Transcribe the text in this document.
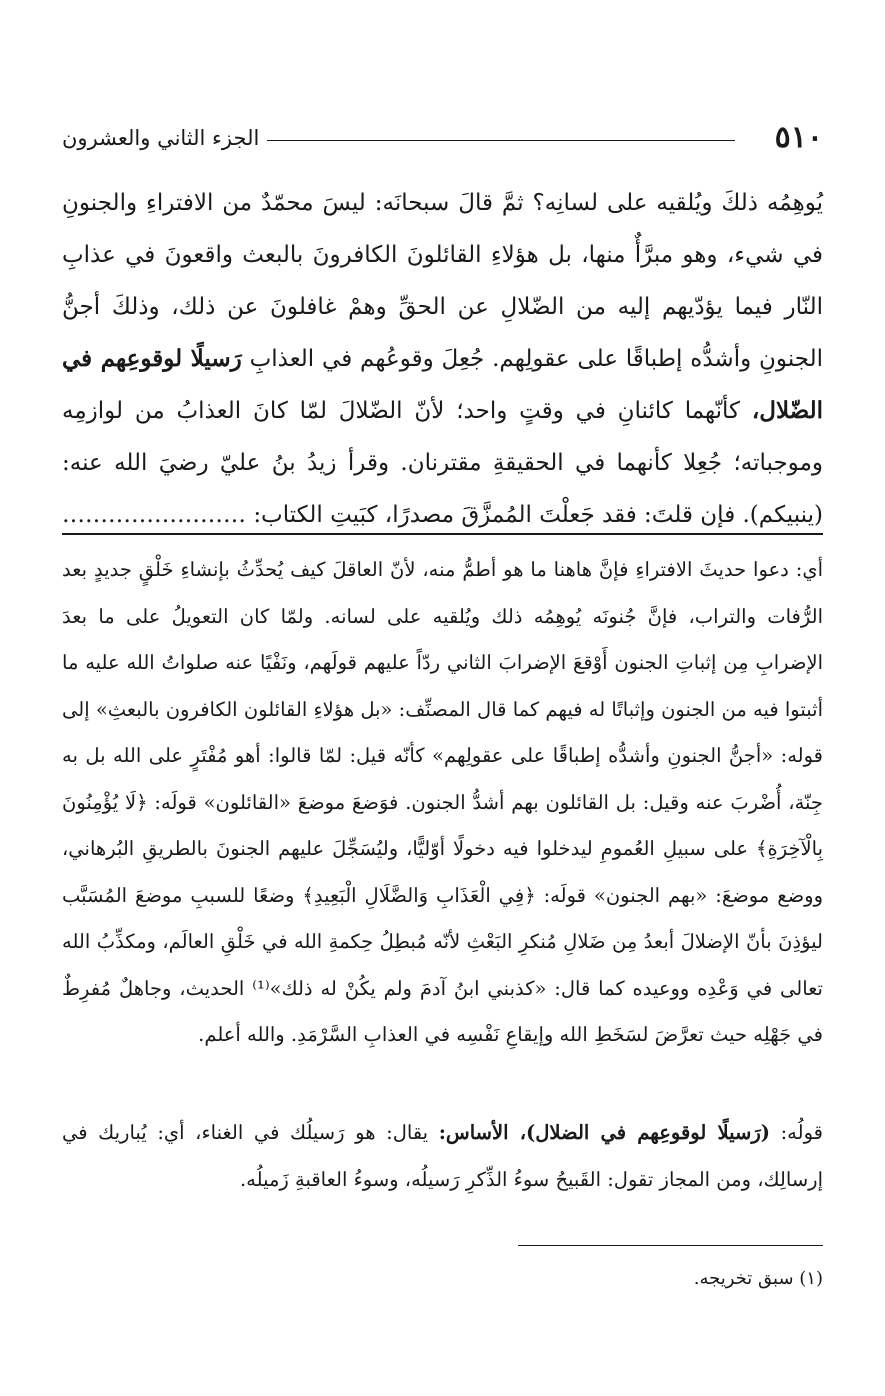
٥١٠
الجزء الثاني والعشرون

يُوهِمُه ذلكَ ويُلقيه على لسانِه؟ ثمَّ قالَ سبحانَه: ليسَ محمّدٌ من الافتراءِ والجنونِ في شيء، وهو مبرَّأٌ منها، بل هؤلاءِ القائلونَ الكافرونَ بالبعث واقعونَ في عذابِ النّار فيما يؤدّيهم إليه من الضّلالِ عن الحقِّ وهمْ غافلونَ عن ذلك، وذلكَ أجنُّ الجنونِ وأشدُّه إطباقًا على عقولِهم. جُعِلَ وقوعُهم في العذابِ رَسيلًا لوقوعِهم في الضّلال، كأنّهما كائنانِ في وقتٍ واحد؛ لأنّ الضّلالَ لمّا كانَ العذابُ من لوازمِه وموجباته؛ جُعِلا كأنهما في الحقيقةِ مقترنان. وقرأ زيدُ بنُ عليّ رضيَ الله عنه: (ينبيكم). فإن قلتَ: فقد جَعلْتَ المُمزَّقَ مصدرًا، كبَيتِ الكتاب: ……………………

أي: دعوا حديثَ الافتراءِ فإنَّ هاهنا ما هو أطمُّ منه، لأنّ العاقلَ كيف يُحدِّثُ بإنشاءِ خَلْقٍ جديدٍ بعد الرُّفات والتراب، فإنَّ جُنونَه يُوهِمُه ذلك ويُلقيه على لسانه. ولمّا كان التعويلُ على ما بعدَ الإضرابِ مِن إثباتِ الجنون أَوْقعَ الإضرابَ الثاني ردّاً عليهم قولَهم، ونَفْيًا عنه صلواتُ الله عليه ما أثبتوا فيه من الجنون وإثباتًا له فيهم كما قال المصنِّف: «بل هؤلاءِ القائلون الكافرون بالبعثِ» إلى قوله: «أجنُّ الجنونِ وأشدُّه إطباقًا على عقولِهم» كأنّه قيل: لمّا قالوا: أهو مُفْتَرٍ على الله بل به جِنّة، أُضْربَ عنه وقيل: بل القائلون بهم أشدُّ الجنون. فوَضعَ موضعَ «القائلون» قولَه: ﴿لَا يُؤْمِنُونَ بِالْآخِرَةِ﴾ على سبيلِ العُمومِ ليدخلوا فيه دخولًا أوّليًّا، وليُسَجِّلَ عليهم الجنونَ بالطريقِ البُرهاني، ووضع موضعَ: «بهم الجنون» قولَه: ﴿فِي الْعَذَابِ وَالضَّلَالِ الْبَعِيدِ﴾ وضعًا للسببِ موضعَ المُسَبَّب ليؤذِنَ بأنّ الإضلالَ أبعدُ مِن ضَلالِ مُنكرِ البَعْثِ لأنّه مُبطِلُ حِكمةِ الله في خَلْقِ العالَم، ومكذِّبُ الله تعالى في وَعْدِه ووعيده كما قال: «كذبني ابنُ آدمَ ولم يكُنْ له ذلك»⁽¹⁾ الحديث، وجاهلٌ مُفرِطٌ في جَهْلِه حيث تعرَّضَ لسَخَطِ الله وإيقاعِ نَفْسِه في العذابِ السَّرْمَدِ. والله أعلم.

قولُه: (رَسيلًا لوقوعِهم في الضلال)، الأساس: يقال: هو رَسيلُك في الغناء، أي: يُباريك في إرسالِك، ومن المجاز تقول: القَبيحُ سوءُ الذِّكرِ رَسيلُه، وسوءُ العاقبةِ زَميلُه.

(١) سبق تخريجه.
